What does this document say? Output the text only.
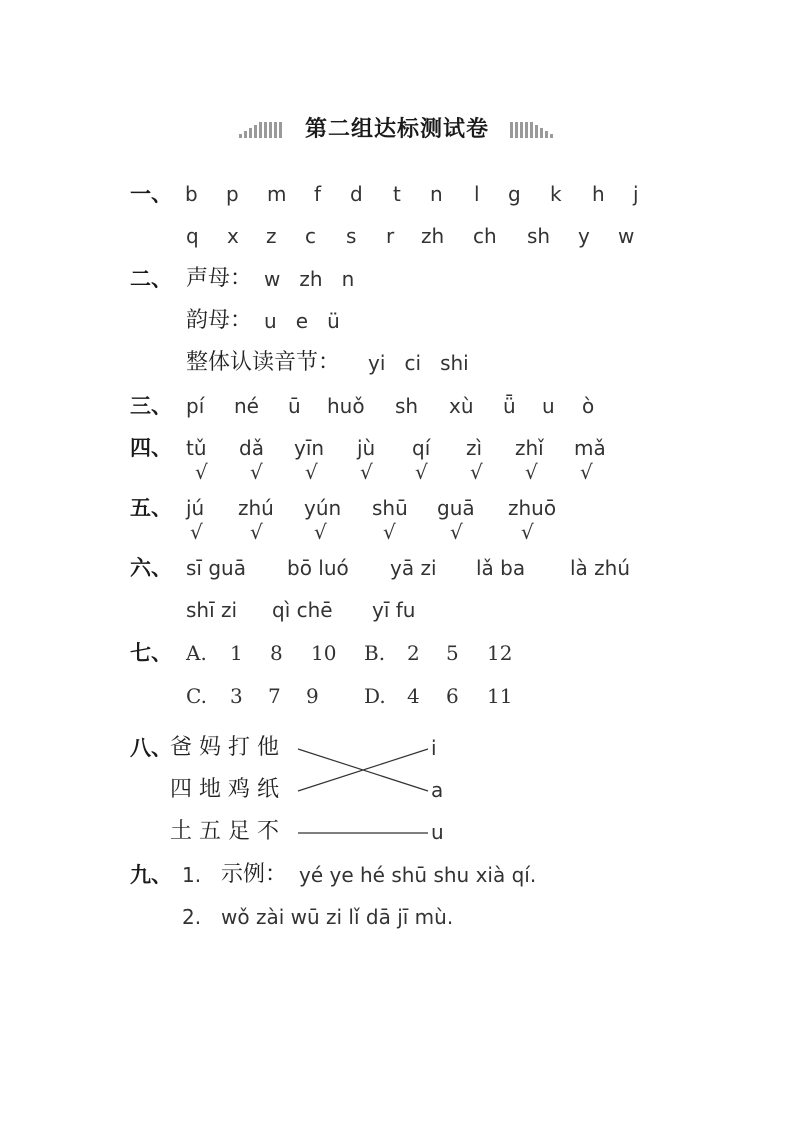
第二组达标测试卷
一、 b p m f d t n l g k h j
q x z c s r zh ch sh y w
二、 声母： w   zh   n
韵母： u   e   ü
整体认读音节： yi   ci   shi
三、 pí né ū huǒ sh xù ǖ u ò
四、 tǔ dǎ yīn jù qí zì zhǐ mǎ
√ √ √ √ √ √ √ √
五、 jú zhú yún shū guā zhuō
√ √	√	√	√	√
六、 sī guā bō luó yā zi lǎ ba là zhú
shī zi qì chē yī fu
七、 A. 1 8 10 B. 2 5 12
C. 3 7 9 D. 4 6 11
八、
爸 妈 打 他
四 地 鸡 纸
土 五 足 不
i
a
u
九、 1. 示例： yé ye hé shū shu xià qí.
2. wǒ zài wū zi lǐ dā jī mù.
